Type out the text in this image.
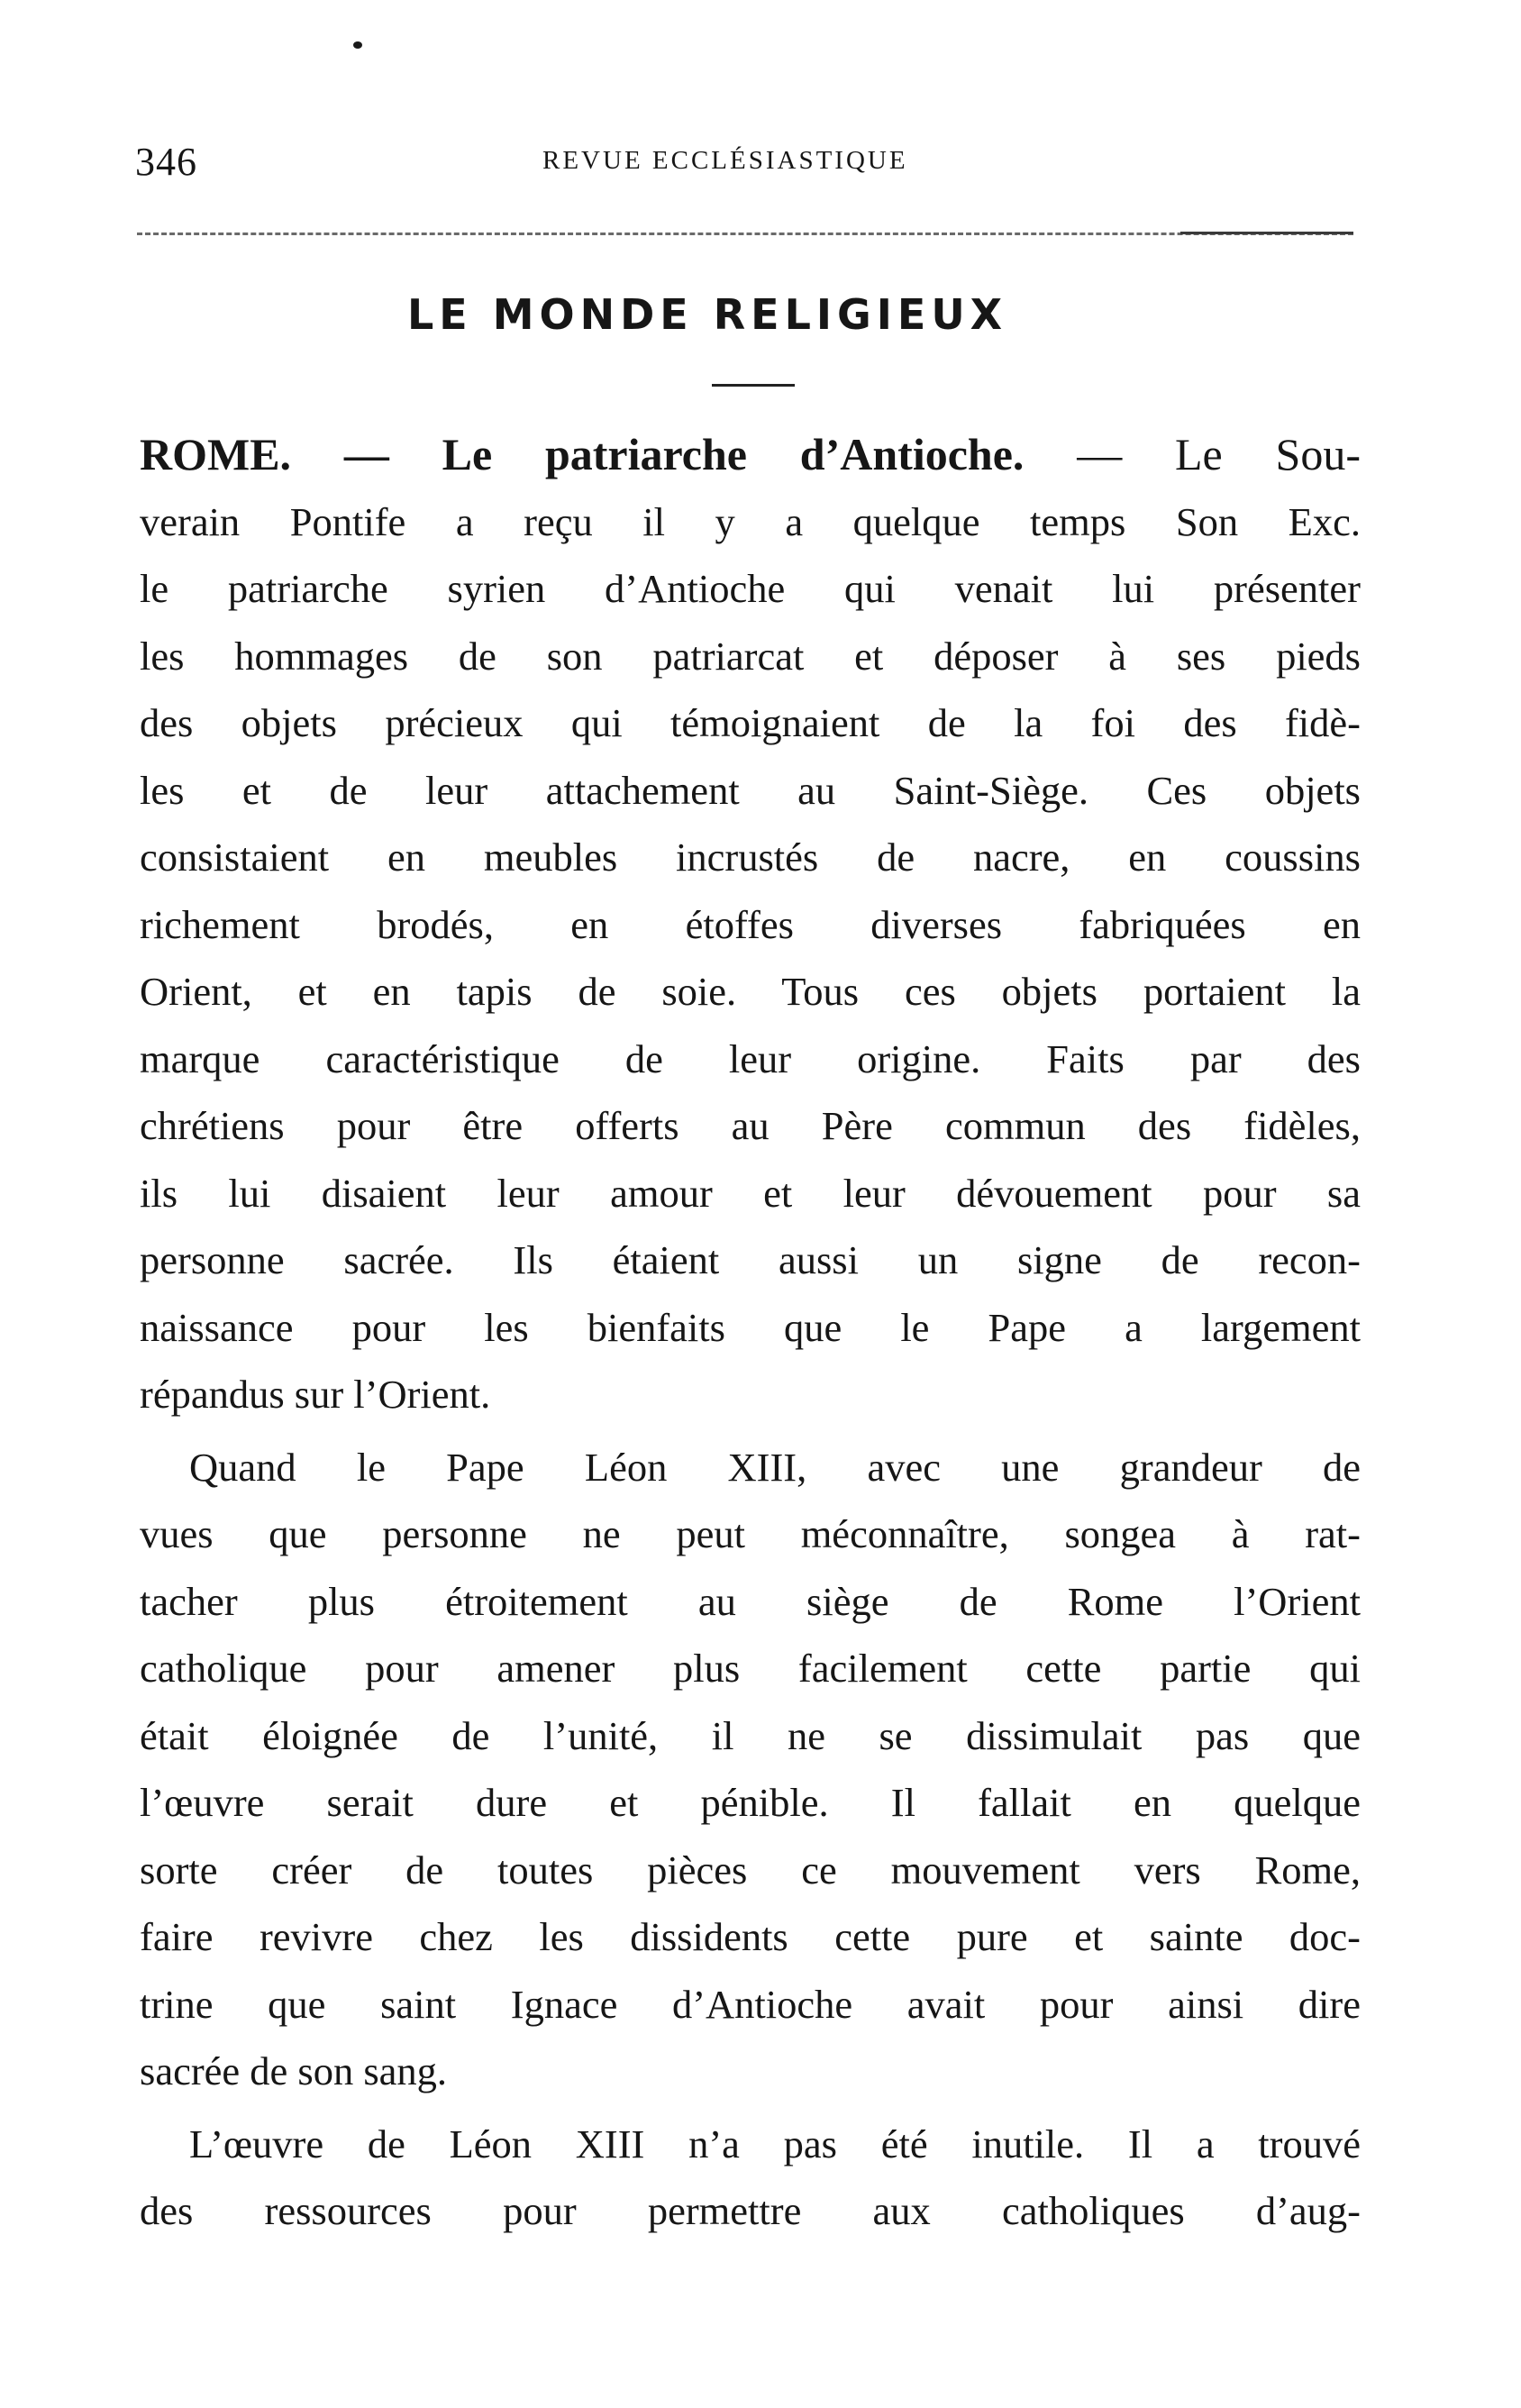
346	REVUE ECCLÉSIASTIQUE
LE MONDE RELIGIEUX
ROME. — Le patriarche d’Antioche. — Le Sou-
verain Pontife a reçu il y a quelque temps Son Exc.
le patriarche syrien d’Antioche qui venait lui présenter
les hommages de son patriarcat et déposer à ses pieds
des objets précieux qui témoignaient de la foi des fidè-
les et de leur attachement au Saint-Siège. Ces objets
consistaient en meubles incrustés de nacre, en coussins
richement brodés, en étoffes diverses fabriquées en
Orient, et en tapis de soie. Tous ces objets portaient la
marque caractéristique de leur origine. Faits par des
chrétiens pour être offerts au Père commun des fidèles,
ils lui disaient leur amour et leur dévouement pour sa
personne sacrée. Ils étaient aussi un signe de recon-
naissance pour les bienfaits que le Pape a largement
répandus sur l’Orient.
Quand le Pape Léon XIII, avec une grandeur de
vues que personne ne peut méconnaître, songea à rat-
tacher plus étroitement au siège de Rome l’Orient
catholique pour amener plus facilement cette partie qui
était éloignée de l’unité, il ne se dissimulait pas que
l’œuvre serait dure et pénible. Il fallait en quelque
sorte créer de toutes pièces ce mouvement vers Rome,
faire revivre chez les dissidents cette pure et sainte doc-
trine que saint Ignace d’Antioche avait pour ainsi dire
sacrée de son sang.
L’œuvre de Léon XIII n’a pas été inutile. Il a trouvé
des ressources pour permettre aux catholiques d’aug-
